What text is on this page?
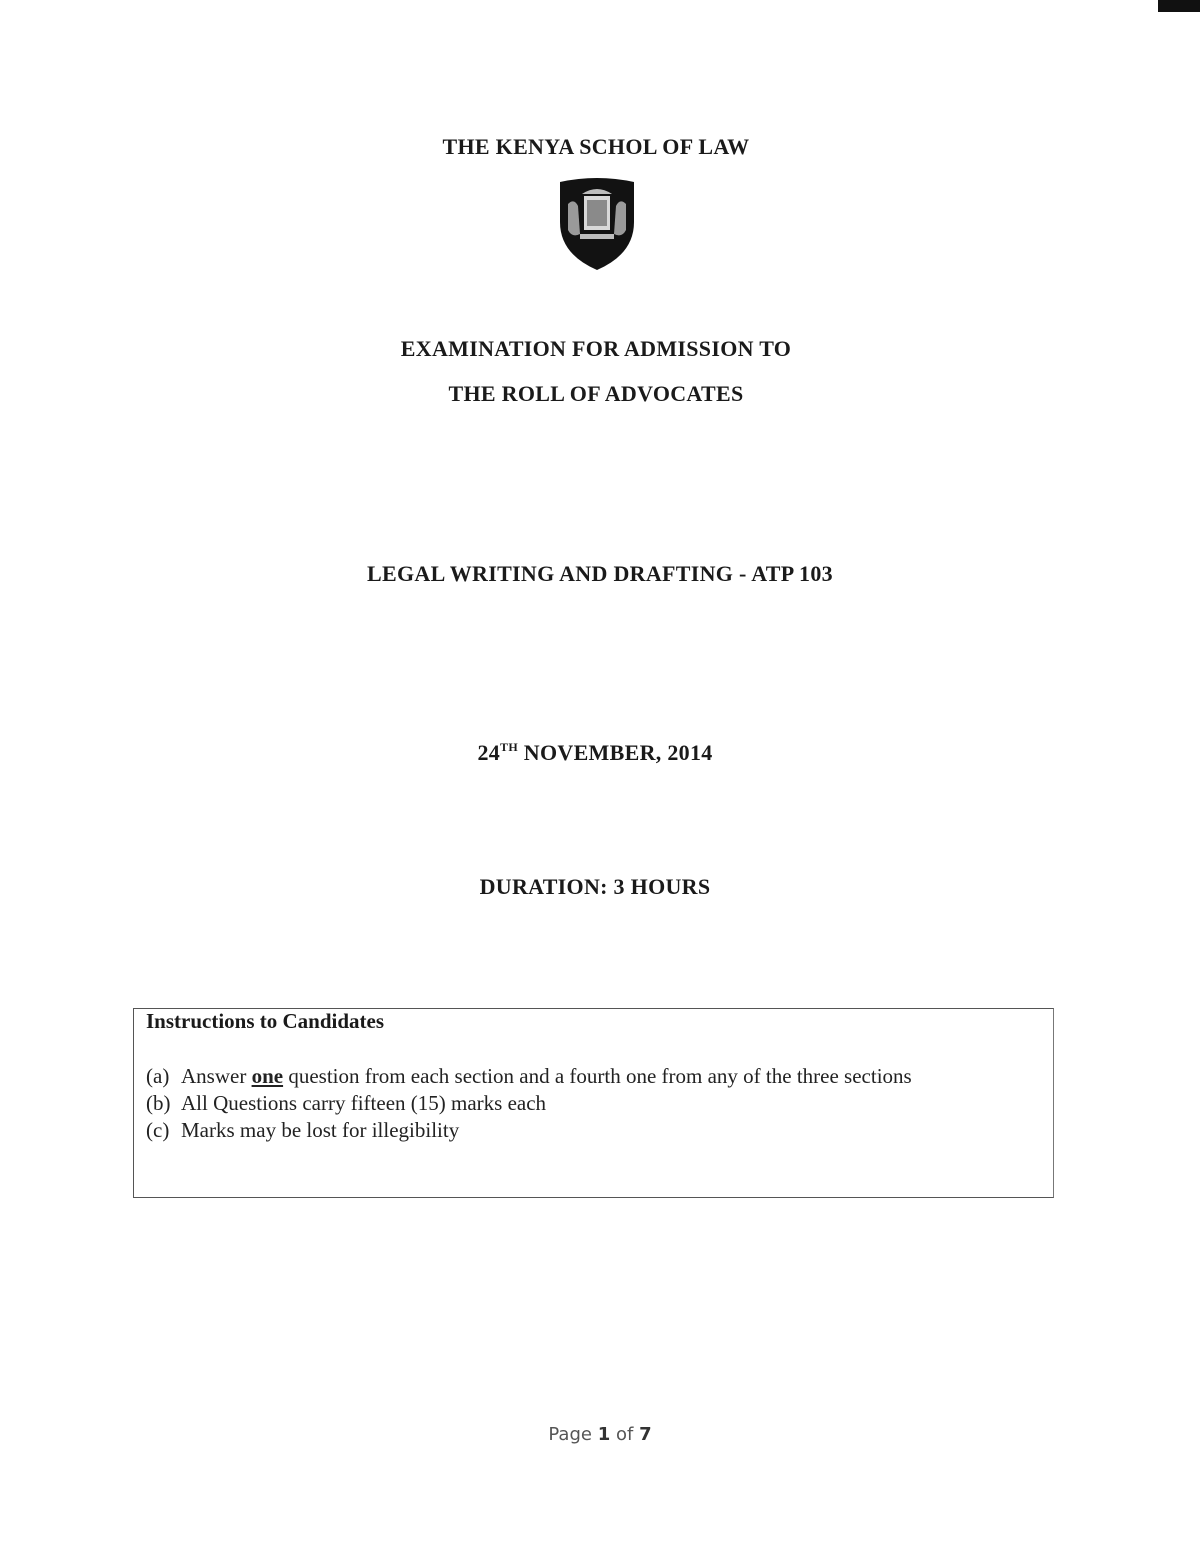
THE KENYA SCHOL OF LAW
EXAMINATION FOR ADMISSION TO
THE ROLL OF ADVOCATES
LEGAL WRITING AND DRAFTING - ATP 103
24TH NOVEMBER, 2014
DURATION: 3 HOURS
Instructions to Candidates
(a) Answer one question from each section and a fourth one from any of the three sections
(b) All Questions carry fifteen (15) marks each
(c) Marks may be lost for illegibility
Page 1 of 7
